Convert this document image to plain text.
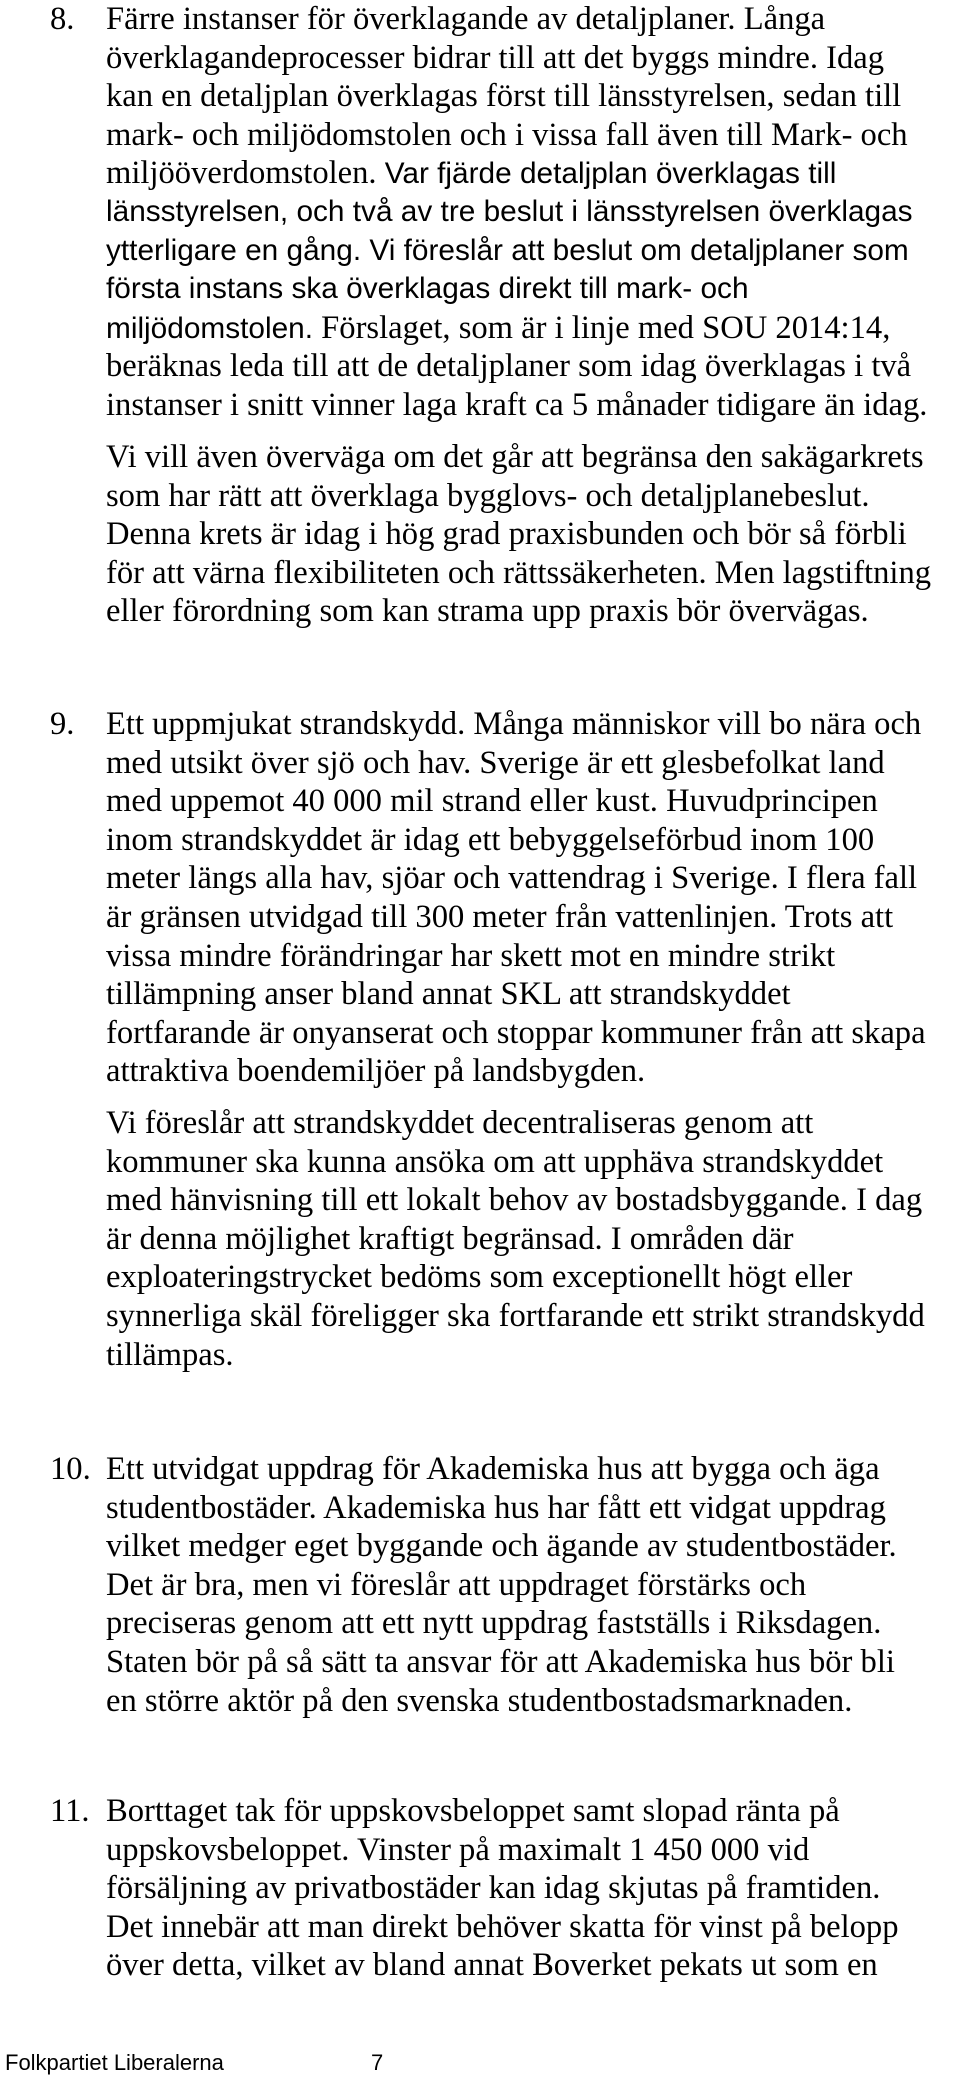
8. Färre instanser för överklagande av detaljplaner. Långa
överklagandeprocesser bidrar till att det byggs mindre. Idag
kan en detaljplan överklagas först till länsstyrelsen, sedan till
mark- och miljödomstolen och i vissa fall även till Mark- och
miljööverdomstolen. Var fjärde detaljplan överklagas till
länsstyrelsen, och två av tre beslut i länsstyrelsen överklagas
ytterligare en gång. Vi föreslår att beslut om detaljplaner som
första instans ska överklagas direkt till mark- och
miljödomstolen. Förslaget, som är i linje med SOU 2014:14,
beräknas leda till att de detaljplaner som idag överklagas i två
instanser i snitt vinner laga kraft ca 5 månader tidigare än idag.
Vi vill även överväga om det går att begränsa den sakägarkrets
som har rätt att överklaga bygglovs- och detaljplanebeslut.
Denna krets är idag i hög grad praxisbunden och bör så förbli
för att värna flexibiliteten och rättssäkerheten. Men lagstiftning
eller förordning som kan strama upp praxis bör övervägas.
9. Ett uppmjukat strandskydd. Många människor vill bo nära och
med utsikt över sjö och hav. Sverige är ett glesbefolkat land
med uppemot 40 000 mil strand eller kust. Huvudprincipen
inom strandskyddet är idag ett bebyggelseförbud inom 100
meter längs alla hav, sjöar och vattendrag i Sverige. I flera fall
är gränsen utvidgad till 300 meter från vattenlinjen. Trots att
vissa mindre förändringar har skett mot en mindre strikt
tillämpning anser bland annat SKL att strandskyddet
fortfarande är onyanserat och stoppar kommuner från att skapa
attraktiva boendemiljöer på landsbygden.
Vi föreslår att strandskyddet decentraliseras genom att
kommuner ska kunna ansöka om att upphäva strandskyddet
med hänvisning till ett lokalt behov av bostadsbyggande. I dag
är denna möjlighet kraftigt begränsad. I områden där
exploateringstrycket bedöms som exceptionellt högt eller
synnerliga skäl föreligger ska fortfarande ett strikt strandskydd
tillämpas.
10. Ett utvidgat uppdrag för Akademiska hus att bygga och äga
studentbostäder. Akademiska hus har fått ett vidgat uppdrag
vilket medger eget byggande och ägande av studentbostäder.
Det är bra, men vi föreslår att uppdraget förstärks och
preciseras genom att ett nytt uppdrag fastställs i Riksdagen.
Staten bör på så sätt ta ansvar för att Akademiska hus bör bli
en större aktör på den svenska studentbostadsmarknaden.
11. Borttaget tak för uppskovsbeloppet samt slopad ränta på
uppskovsbeloppet. Vinster på maximalt 1 450 000 vid
försäljning av privatbostäder kan idag skjutas på framtiden.
Det innebär att man direkt behöver skatta för vinst på belopp
över detta, vilket av bland annat Boverket pekats ut som en
Folkpartiet Liberalerna	7
